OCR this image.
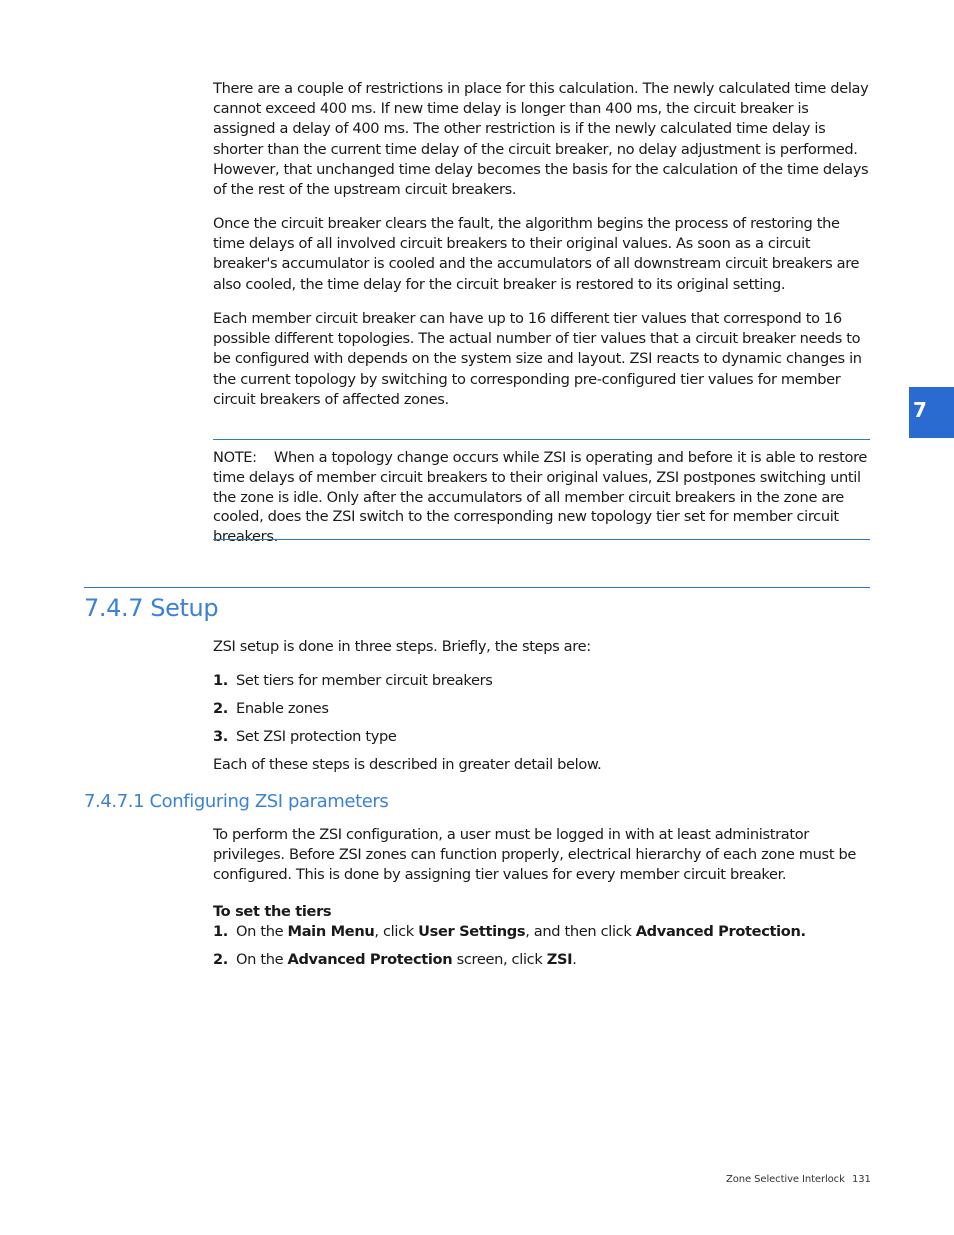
There are a couple of restrictions in place for this calculation. The newly calculated time delay cannot exceed 400 ms. If new time delay is longer than 400 ms, the circuit breaker is assigned a delay of 400 ms. The other restriction is if the newly calculated time delay is shorter than the current time delay of the circuit breaker, no delay adjustment is performed. However, that unchanged time delay becomes the basis for the calculation of the time delays of the rest of the upstream circuit breakers.

Once the circuit breaker clears the fault, the algorithm begins the process of restoring the time delays of all involved circuit breakers to their original values. As soon as a circuit breaker's accumulator is cooled and the accumulators of all downstream circuit breakers are also cooled, the time delay for the circuit breaker is restored to its original setting.

Each member circuit breaker can have up to 16 different tier values that correspond to 16 possible different topologies. The actual number of tier values that a circuit breaker needs to be configured with depends on the system size and layout. ZSI reacts to dynamic changes in the current topology by switching to corresponding pre-configured tier values for member circuit breakers of affected zones.	7

NOTE: When a topology change occurs while ZSI is operating and before it is able to restore time delays of member circuit breakers to their original values, ZSI postpones switching until the zone is idle. Only after the accumulators of all member circuit breakers in the zone are cooled, does the ZSI switch to the corresponding new topology tier set for member circuit breakers.

7.4.7 Setup

ZSI setup is done in three steps. Briefly, the steps are:

1. Set tiers for member circuit breakers

2. Enable zones

3. Set ZSI protection type

Each of these steps is described in greater detail below.

7.4.7.1 Configuring ZSI parameters

To perform the ZSI configuration, a user must be logged in with at least administrator privileges. Before ZSI zones can function properly, electrical hierarchy of each zone must be configured. This is done by assigning tier values for every member circuit breaker.

To set the tiers

1. On the Main Menu, click User Settings, and then click Advanced Protection.

2. On the Advanced Protection screen, click ZSI.

Zone Selective Interlock 131
